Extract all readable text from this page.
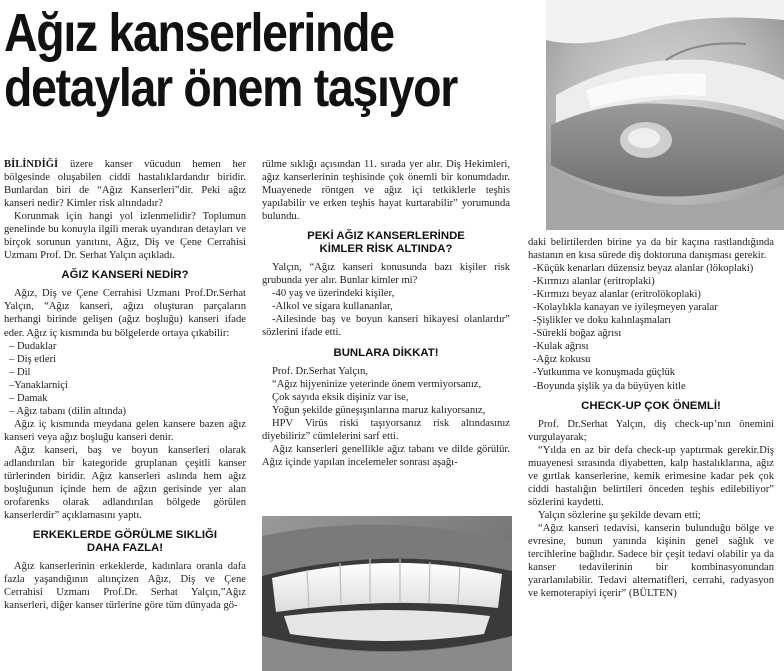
Ağız kanserlerinde
detaylar önem taşıyor

BİLİNDİĞİ üzere kanser vücudun hemen her bölgesinde oluşabilen ciddi hastalıklardandır biridir. Bunlardan biri de “Ağız Kanserleri”dir. Peki ağız kanseri nedir? Kimler risk altındadır?

Korunmak için hangi yol izlenmelidir? Toplumun genelinde bu konuyla ilgili merak uyandıran detayları ve birçok sorunun yanıtını, Ağız, Diş ve Çene Cerrahisi Uzmanı Prof. Dr. Serhat Yalçın açıkladı.

AĞIZ KANSERİ NEDİR?

Ağız, Diş ve Çene Cerrahisi Uzmanı Prof.Dr.Serhat Yalçın, “Ağız kanseri, ağızı oluşturan parçaların herhangi birinde gelişen (ağız boşluğu) kanseri ifade eder. Ağız iç kısmında bu bölgelerde ortaya çıkabilir:

– Dudaklar
– Diş etleri
– Dil
–Yanaklarniçi
– Damak
– Ağız tabanı (dilin altında)

Ağız iç kısmında meydana gelen kansere bazen ağız kanseri veya ağız boşluğu kanseri denir.

Ağız kanseri, baş ve boyun kanserleri olarak adlandırılan bir kategoride gruplanan çeşitli kanser türlerinden biridir. Ağız kanserleri aslında hem ağız boşluğunun içinde hem de ağzın gerisinde yer alan orofarenks olarak adlandırılan bölgede görülen kanserlerdir” açıklamasını yaptı.

ERKEKLERDE GÖRÜLME SIKLIĞI
DAHA FAZLA!

Ağız kanserlerinin erkeklerde, kadınlara oranla dafa fazla yaşandığının altınçizen Ağız, Diş ve Çene Cerrahisi Uzmanı Prof.Dr. Serhat Yalçın,”Ağız kanserleri, diğer kanser türlerine göre tüm dünyada gö-

rülme sıklığı açısından 11. sırada yer alır. Diş Hekimleri, ağız kanserlerinin teşhisinde çok önemli bir konumdadır. Muayenede röntgen ve ağız içi tetkiklerle teşhis yapılabilir ve erken teşhis hayat kurtarabilir” yorumunda bulundu.

PEKİ AĞIZ KANSERLERİNDE
KİMLER RİSK ALTINDA?

Yalçın, “Ağız kanseri konusunda bazı kişiler risk grubunda yer alır. Bunlar kimler mi?

-40 yaş ve üzerindeki kişiler,

-Alkol ve sigara kullananlar,

-Ailesinde baş ve boyun kanseri hikayesi olanlardır” sözlerini ifade etti.

BUNLARA DİKKAT!

Prof. Dr.Serhat Yalçın,

“Ağız hijyeninize yeterinde önem vermiyorsanız,

Çok sayıda eksik dişiniz var ise,

Yoğun şekilde güneşışınlarına maruz kalıyorsanız,

HPV Virüs riski taşıyorsanız risk altındasınız diyebiliriz” cümlelerini sarf etti.

Ağız kanserleri genellikle ağız tabanı ve dilde görülür. Ağız içinde yapılan incelemeler sonrası aşağı-

daki belirtilerden birine ya da bir kaçına rastlandığında hastanın en kısa sürede diş doktoruna danışması gerekir.

-Küçük kenarları düzensiz beyaz alanlar (lökoplaki)
-Kırmızı alanlar (eritroplaki)
-Kırmızı beyaz alanlar (eritrolökoplaki)
-Kolaylıkla kanayan ve iyileşmeyen yaralar
-Şişlikler ve doku kalınlaşmaları
-Sürekli boğaz ağrısı
-Kulak ağrısı
-Ağız kokusu
-Yutkunma ve konuşmada güçlük
-Boyunda şişlik ya da büyüyen kitle
CHECK-UP ÇOK ÖNEMLİ!

Prof. Dr.Serhat Yalçın, diş check-up’nın önemini vurgulayarak;

“Yılda en az bir defa check-up yaptırmak gerekir.Diş muayenesi sırasında diyabetten, kalp hastalıklarına, ağız ve gırtlak kanserlerine, kemik erimesine kadar pek çok ciddi hastalığın belirtileri önceden teşhis edilebiliyor” sözlerini kaydetti.

Yalçın sözlerine şu şekilde devam etti;

“Ağız kanseri tedavisi, kanserin bulunduğu bölge ve evresine, bunun yanında kişinin genel sağlık ve tercihlerine bağlıdır. Sadece bir çeşit tedavi olabilir ya da kanser tedavilerinin bir kombinasyonundan yararlanılabilir. Tedavi alternatifleri, cerrahi, radyasyon ve kemoterapiyi içerir” (BÜLTEN)
